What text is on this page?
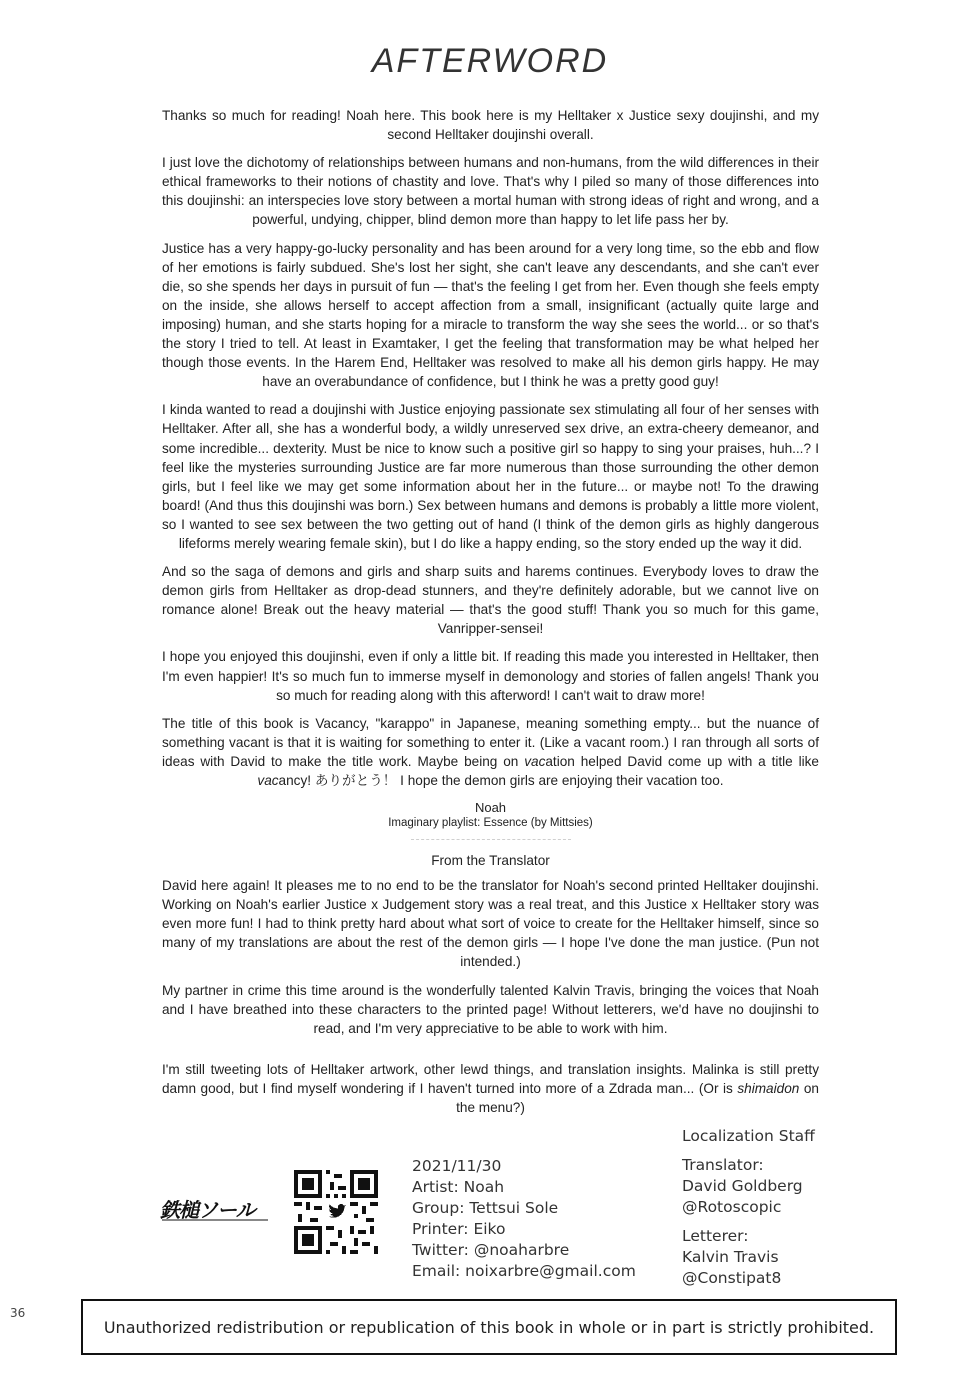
AFTERWORD

Thanks so much for reading! Noah here. This book here is my Helltaker x Justice sexy doujinshi, and my second Helltaker doujinshi overall.

I just love the dichotomy of relationships between humans and non-humans, from the wild differences in their ethical frameworks to their notions of chastity and love. That's why I piled so many of those differences into this doujinshi: an interspecies love story between a mortal human with strong ideas of right and wrong, and a powerful, undying, chipper, blind demon more than happy to let life pass her by.

Justice has a very happy-go-lucky personality and has been around for a very long time, so the ebb and flow of her emotions is fairly subdued. She's lost her sight, she can't leave any descendants, and she can't ever die, so she spends her days in pursuit of fun — that's the feeling I get from her. Even though she feels empty on the inside, she allows herself to accept affection from a small, insignificant (actually quite large and imposing) human, and she starts hoping for a miracle to transform the way she sees the world... or so that's the story I tried to tell. At least in Examtaker, I get the feeling that transformation may be what helped her though those events. In the Harem End, Helltaker was resolved to make all his demon girls happy. He may have an overabundance of confidence, but I think he was a pretty good guy!

I kinda wanted to read a doujinshi with Justice enjoying passionate sex stimulating all four of her senses with Helltaker. After all, she has a wonderful body, a wildly unreserved sex drive, an extra-cheery demeanor, and some incredible... dexterity. Must be nice to know such a positive girl so happy to sing your praises, huh...? I feel like the mysteries surrounding Justice are far more numerous than those surrounding the other demon girls, but I feel like we may get some information about her in the future... or maybe not! To the drawing board! (And thus this doujinshi was born.) Sex between humans and demons is probably a little more violent, so I wanted to see sex between the two getting out of hand (I think of the demon girls as highly dangerous lifeforms merely wearing female skin), but I do like a happy ending, so the story ended up the way it did.

And so the saga of demons and girls and sharp suits and harems continues. Everybody loves to draw the demon girls from Helltaker as drop-dead stunners, and they're definitely adorable, but we cannot live on romance alone! Break out the heavy material — that's the good stuff! Thank you so much for this game, Vanripper-sensei!

I hope you enjoyed this doujinshi, even if only a little bit. If reading this made you interested in Helltaker, then I'm even happier! It's so much fun to immerse myself in demonology and stories of fallen angels! Thank you so much for reading along with this afterword! I can't wait to draw more!

The title of this book is Vacancy, "karappo" in Japanese, meaning something empty... but the nuance of something vacant is that it is waiting for something to enter it. (Like a vacant room.) I ran through all sorts of ideas with David to make the title work. Maybe being on vacation helped David come up with a title like vacancy! ありがとう！ I hope the demon girls are enjoying their vacation too.

Noah
Imaginary playlist: Essence (by Mittsies)
From the Translator

David here again! It pleases me to no end to be the translator for Noah's second printed Helltaker doujinshi. Working on Noah's earlier Justice x Judgement story was a real treat, and this Justice x Helltaker story was even more fun! I had to think pretty hard about what sort of voice to create for the Helltaker himself, since so many of my translations are about the rest of the demon girls — I hope I've done the man justice. (Pun not intended.)

My partner in crime this time around is the wonderfully talented Kalvin Travis, bringing the voices that Noah and I have breathed into these characters to the printed page! Without letterers, we'd have no doujinshi to read, and I'm very appreciative to be able to work with him.

I'm still tweeting lots of Helltaker artwork, other lewd things, and translation insights. Malinka is still pretty damn good, but I find myself wondering if I haven't turned into more of a Zdrada man... (Or is shimaidon on the menu?)

鉄槌ソール
2021/11/30
Artist: Noah
Group: Tettsui Sole
Printer: Eiko
Twitter: @noaharbre
Email: noixarbre@gmail.com
Localization Staff
Translator:
David Goldberg
@Rotoscopic
Letterer:
Kalvin Travis
@Constipat8
36
Unauthorized redistribution or republication of this book in whole or in part is strictly prohibited.
